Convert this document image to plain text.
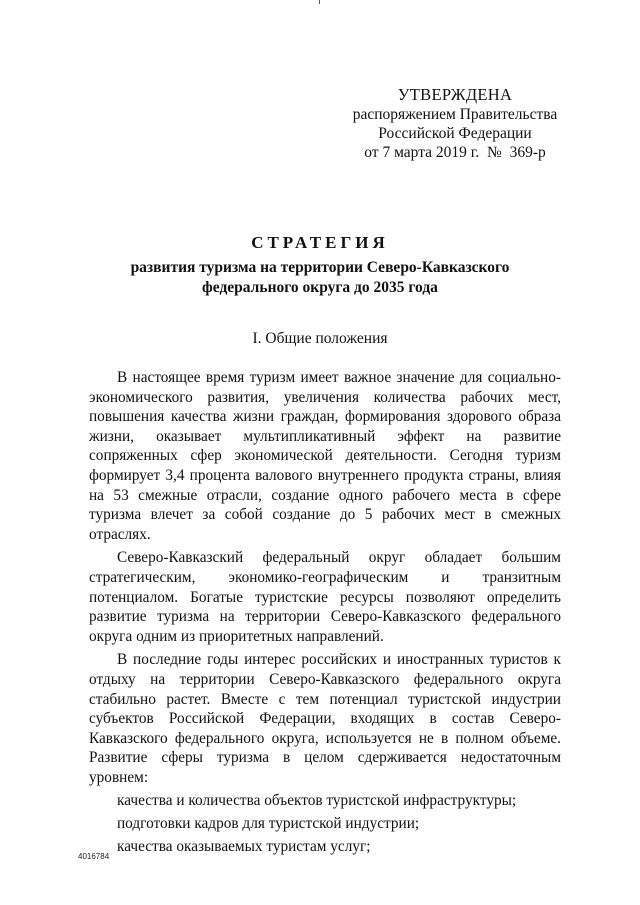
УТВЕРЖДЕНА
распоряжением Правительства
Российской Федерации
от 7 марта 2019 г.  №  369-р
СТРАТЕГИЯ
развития туризма на территории Северо-Кавказского
федерального округа до 2035 года
I. Общие положения

В настоящее время туризм имеет важное значение для социально-экономического развития, увеличения количества рабочих мест, повышения качества жизни граждан, формирования здорового образа жизни, оказывает мультипликативный эффект на развитие сопряженных сфер экономической деятельности. Сегодня туризм формирует 3,4 процента валового внутреннего продукта страны, влияя на 53 смежные отрасли, создание одного рабочего места в сфере туризма влечет за собой создание до 5 рабочих мест в смежных отраслях.

Северо-Кавказский федеральный округ обладает большим стратегическим, экономико-географическим и транзитным потенциалом. Богатые туристские ресурсы позволяют определить развитие туризма на территории Северо-Кавказского федерального округа одним из приоритетных направлений.

В последние годы интерес российских и иностранных туристов к отдыху на территории Северо-Кавказского федерального округа стабильно растет. Вместе с тем потенциал туристской индустрии субъектов Российской Федерации, входящих в состав Северо-Кавказского федерального округа, используется не в полном объеме. Развитие сферы туризма в целом сдерживается недостаточным уровнем:

качества и количества объектов туристской инфраструктуры;
подготовки кадров для туристской индустрии;
качества оказываемых туристам услуг;
4016784
